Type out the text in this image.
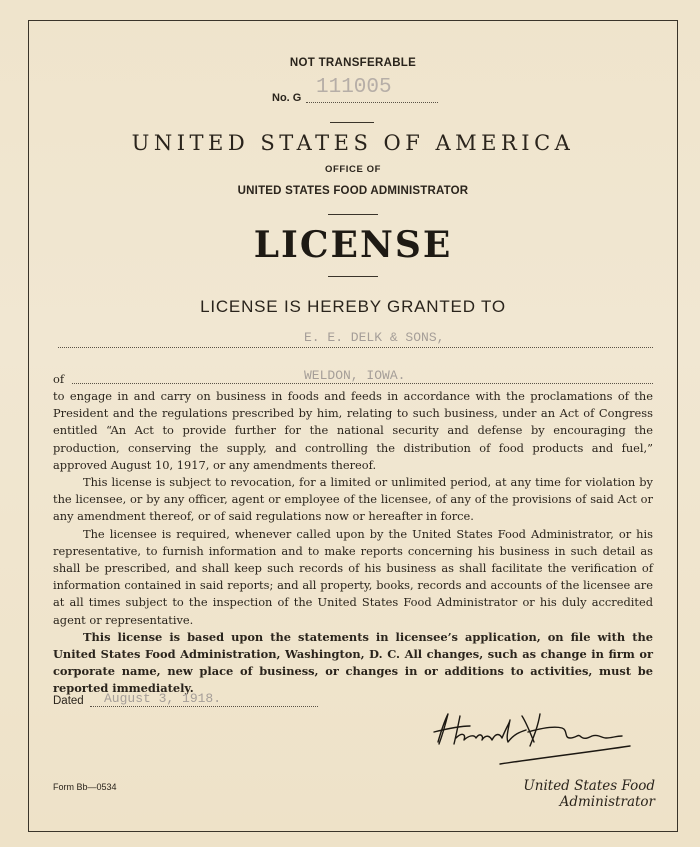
NOT TRANSFERABLE
No. G 111005
UNITED STATES OF AMERICA
OFFICE OF
UNITED STATES FOOD ADMINISTRATOR
LICENSE
LICENSE IS HEREBY GRANTED TO
E. E. DELK & SONS,
of	WELDON, IOWA.

to engage in and carry on business in foods and feeds in accordance with the proclamations of the President and the regulations prescribed by him, relating to such business, under an Act of Congress entitled “An Act to provide further for the national security and defense by encouraging the production, conserving the supply, and controlling the distribution of food products and fuel,” approved August 10, 1917, or any amendments thereof.

This license is subject to revocation, for a limited or unlimited period, at any time for violation by the licensee, or by any officer, agent or employee of the licensee, of any of the provisions of said Act or any amendment thereof, or of said regulations now or hereafter in force.

The licensee is required, whenever called upon by the United States Food Administrator, or his representative, to furnish information and to make reports concerning his business in such detail as shall be prescribed, and shall keep such records of his business as shall facilitate the verification of information contained in said reports; and all property, books, records and accounts of the licensee are at all times subject to the inspection of the United States Food Administrator or his duly accredited agent or representative.

This license is based upon the statements in licensee’s application, on file with the United States Food Administration, Washington, D. C. All changes, such as change in firm or corporate name, new place of business, or changes in or additions to activities, must be reported immediately.

Dated August 3, 1918.
Form Bb—0534	United States Food Administrator
